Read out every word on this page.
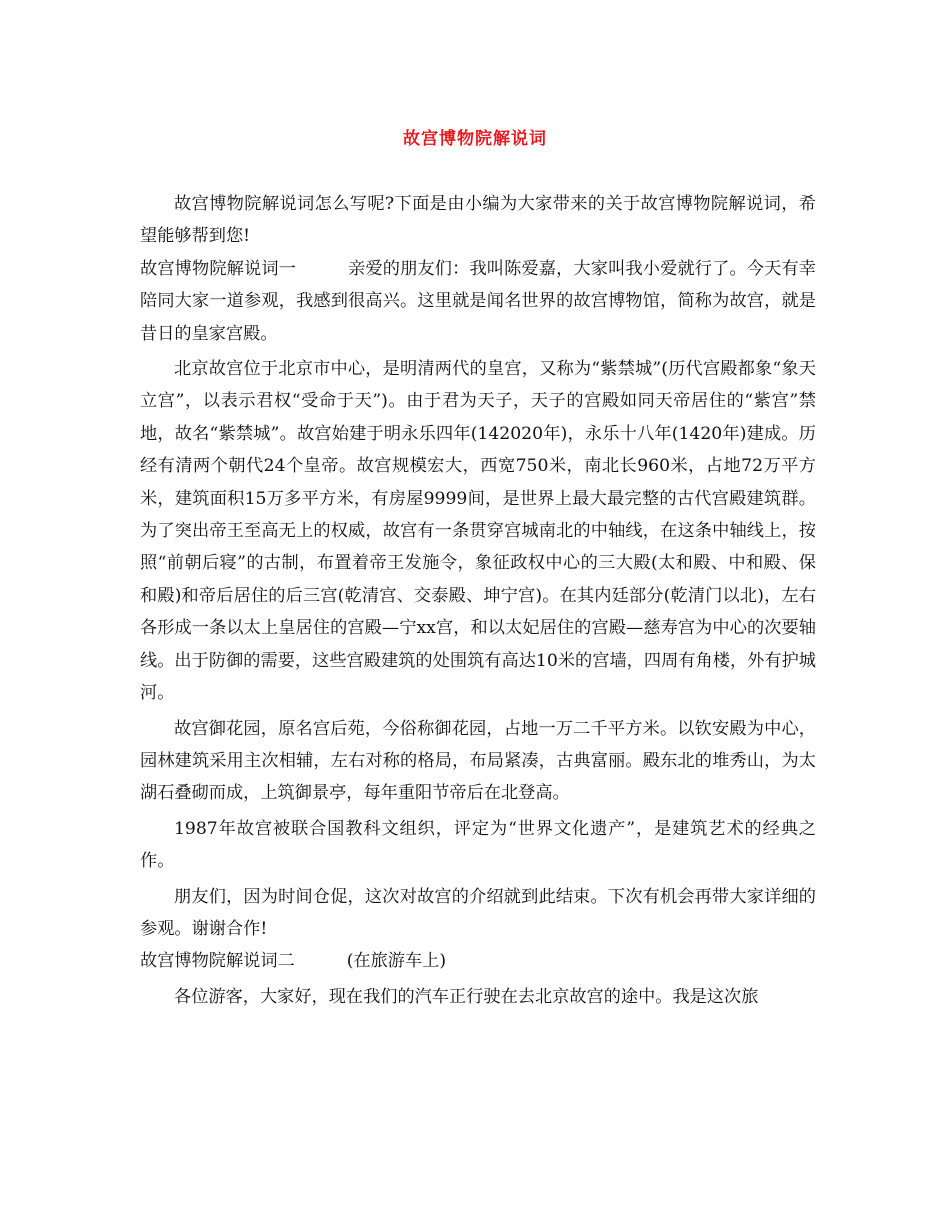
故宫博物院解说词

故宫博物院解说词怎么写呢?下面是由小编为大家带来的关于故宫博物院解说词，希望能够帮到您!

故宫博物院解说词一	亲爱的朋友们：我叫陈爱嘉，大家叫我小爱就行了。今天有幸陪同大家一道参观，我感到很高兴。这里就是闻名世界的故宫博物馆，简称为故宫，就是昔日的皇家宫殿。

北京故宫位于北京市中心，是明清两代的皇宫，又称为“紫禁城”(历代宫殿都象“象天立宫”，以表示君权“受命于天”)。由于君为天子，天子的宫殿如同天帝居住的“紫宫”禁地，故名“紫禁城”。故宫始建于明永乐四年(142020年)，永乐十八年(1420年)建成。历经有清两个朝代24个皇帝。故宫规模宏大，西宽750米，南北长960米，占地72万平方米，建筑面积15万多平方米，有房屋9999间，是世界上最大最完整的古代宫殿建筑群。为了突出帝王至高无上的权威，故宫有一条贯穿宫城南北的中轴线，在这条中轴线上，按照“前朝后寝”的古制，布置着帝王发施令，象征政权中心的三大殿(太和殿、中和殿、保和殿)和帝后居住的后三宫(乾清宫、交泰殿、坤宁宫)。在其内廷部分(乾清门以北)，左右各形成一条以太上皇居住的宫殿—宁xx宫，和以太妃居住的宫殿—慈寿宫为中心的次要轴线。出于防御的需要，这些宫殿建筑的处围筑有高达10米的宫墙，四周有角楼，外有护城河。

故宫御花园，原名宫后苑，今俗称御花园，占地一万二千平方米。以钦安殿为中心，园林建筑采用主次相辅，左右对称的格局，布局紧凑，古典富丽。殿东北的堆秀山，为太湖石叠砌而成，上筑御景亭，每年重阳节帝后在北登高。

1987年故宫被联合国教科文组织，评定为“世界文化遗产”，是建筑艺术的经典之作。

朋友们，因为时间仓促，这次对故宫的介绍就到此结束。下次有机会再带大家详细的参观。谢谢合作!

故宫博物院解说词二	(在旅游车上)

各位游客，大家好，现在我们的汽车正行驶在去北京故宫的途中。我是这次旅
